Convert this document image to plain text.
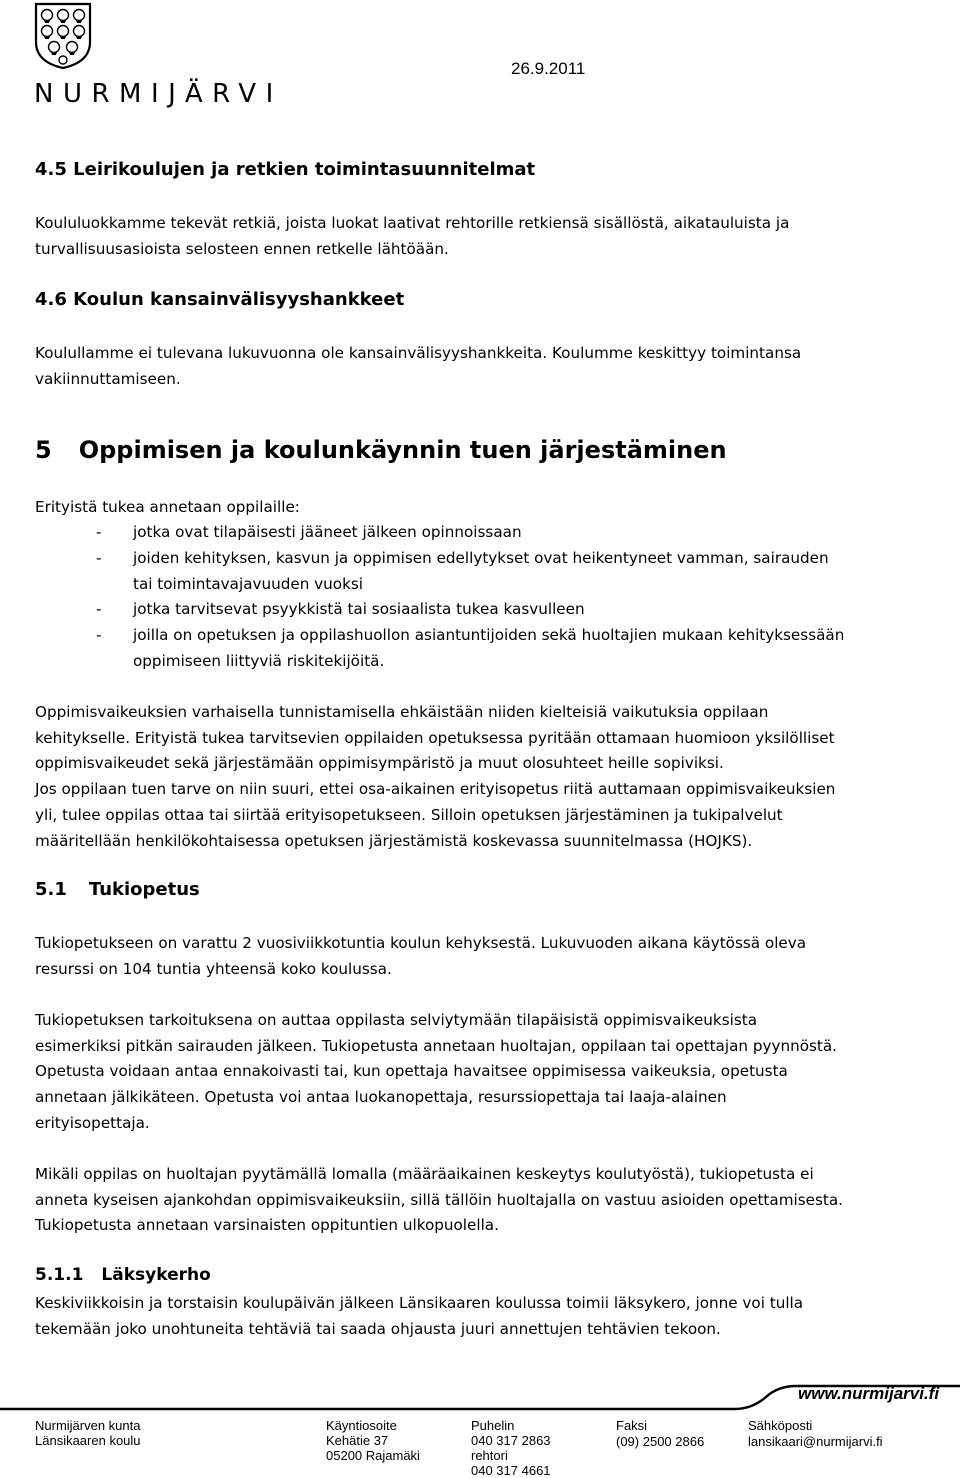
NURMIJÄRVI
26.9.2011
4.5 Leirikoulujen ja retkien toimintasuunnitelmat
Koululuokkamme tekevät retkiä, joista luokat laativat rehtorille retkiensä sisällöstä, aikatauluista ja
turvallisuusasioista selosteen ennen retkelle lähtöään.
4.6 Koulun kansainvälisyyshankkeet
Koulullamme ei tulevana lukuvuonna ole kansainvälisyyshankkeita. Koulumme keskittyy toimintansa
vakiinnuttamiseen.
5 Oppimisen ja koulunkäynnin tuen järjestäminen
Erityistä tukea annetaan oppilaille:
- jotka ovat tilapäisesti jääneet jälkeen opinnoissaan
- joiden kehityksen, kasvun ja oppimisen edellytykset ovat heikentyneet vamman, sairauden
tai toimintavajavuuden vuoksi
- jotka tarvitsevat psyykkistä tai sosiaalista tukea kasvulleen
- joilla on opetuksen ja oppilashuollon asiantuntijoiden sekä huoltajien mukaan kehityksessään
oppimiseen liittyviä riskitekijöitä.
Oppimisvaikeuksien varhaisella tunnistamisella ehkäistään niiden kielteisiä vaikutuksia oppilaan
kehitykselle. Erityistä tukea tarvitsevien oppilaiden opetuksessa pyritään ottamaan huomioon yksilölliset
oppimisvaikeudet sekä järjestämään oppimisympäristö ja muut olosuhteet heille sopiviksi.
Jos oppilaan tuen tarve on niin suuri, ettei osa-aikainen erityisopetus riitä auttamaan oppimisvaikeuksien
yli, tulee oppilas ottaa tai siirtää erityisopetukseen. Silloin opetuksen järjestäminen ja tukipalvelut
määritellään henkilökohtaisessa opetuksen järjestämistä koskevassa suunnitelmassa (HOJKS).
5.1 Tukiopetus
Tukiopetukseen on varattu 2 vuosiviikkotuntia koulun kehyksestä. Lukuvuoden aikana käytössä oleva
resurssi on 104 tuntia yhteensä koko koulussa.
Tukiopetuksen tarkoituksena on auttaa oppilasta selviytymään tilapäisistä oppimisvaikeuksista
esimerkiksi pitkän sairauden jälkeen. Tukiopetusta annetaan huoltajan, oppilaan tai opettajan pyynnöstä.
Opetusta voidaan antaa ennakoivasti tai, kun opettaja havaitsee oppimisessa vaikeuksia, opetusta
annetaan jälkikäteen. Opetusta voi antaa luokanopettaja, resurssiopettaja tai laaja-alainen
erityisopettaja.
Mikäli oppilas on huoltajan pyytämällä lomalla (määräaikainen keskeytys koulutyöstä), tukiopetusta ei
anneta kyseisen ajankohdan oppimisvaikeuksiin, sillä tällöin huoltajalla on vastuu asioiden opettamisesta.
Tukiopetusta annetaan varsinaisten oppituntien ulkopuolella.
5.1.1 Läksykerho
Keskiviikkoisin ja torstaisin koulupäivän jälkeen Länsikaaren koulussa toimii läksykero, jonne voi tulla
tekemään joko unohtuneita tehtäviä tai saada ohjausta juuri annettujen tehtävien tekoon.
www.nurmijarvi.fi
Nurmijärven kunta
Länsikaaren koulu
Käyntiosoite
Kehätie 37
05200 Rajamäki
Puhelin
040 317 2863
rehtori
040 317 4661
Faksi
(09) 2500 2866
Sähköposti
lansikaari@nurmijarvi.fi
